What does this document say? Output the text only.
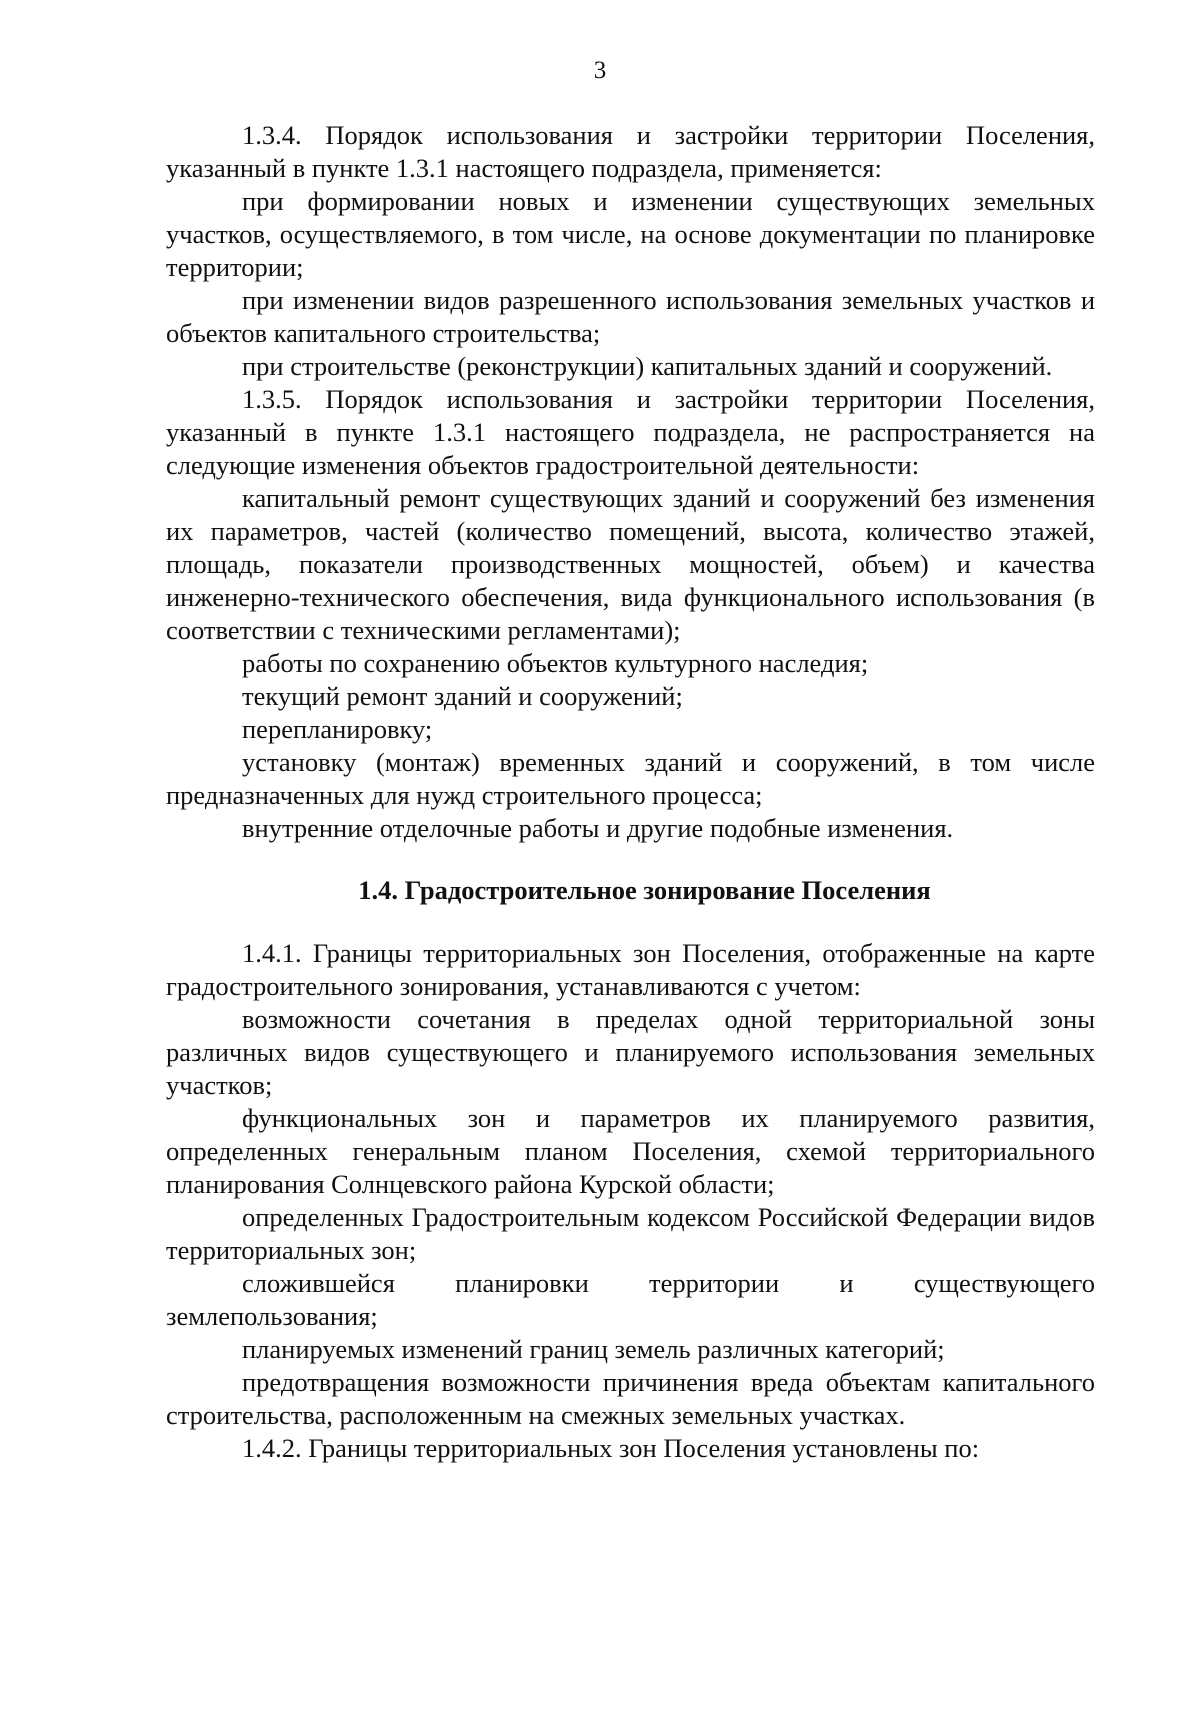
3

1.3.4. Порядок использования и застройки территории Поселения, указанный в пункте 1.3.1 настоящего подраздела, применяется:

при формировании новых и изменении существующих земельных участков, осуществляемого, в том числе, на основе документации по планировке территории;

при изменении видов разрешенного использования земельных участков и объектов капитального строительства;

при строительстве (реконструкции) капитальных зданий и сооружений.

1.3.5. Порядок использования и застройки территории Поселения, указанный в пункте 1.3.1 настоящего подраздела, не распространяется на следующие изменения объектов градостроительной деятельности:

капитальный ремонт существующих зданий и сооружений без изменения их параметров, частей (количество помещений, высота, количество этажей, площадь, показатели производственных мощностей, объем) и качества инженерно-технического обеспечения, вида функционального использования (в соответствии с техническими регламентами);

работы по сохранению объектов культурного наследия;

текущий ремонт зданий и сооружений;

перепланировку;

установку (монтаж) временных зданий и сооружений, в том числе предназначенных для нужд строительного процесса;

внутренние отделочные работы и другие подобные изменения.

1.4. Градостроительное зонирование Поселения

1.4.1. Границы территориальных зон Поселения, отображенные на карте градостроительного зонирования, устанавливаются с учетом:

возможности сочетания в пределах одной территориальной зоны различных видов существующего и планируемого использования земельных участков;

функциональных зон и параметров их планируемого развития, определенных генеральным планом Поселения, схемой территориального планирования Солнцевского района Курской области;

определенных Градостроительным кодексом Российской Федерации видов территориальных зон;

сложившейся планировки территории и существующего землепользования;

планируемых изменений границ земель различных категорий;

предотвращения возможности причинения вреда объектам капитального строительства, расположенным на смежных земельных участках.

1.4.2. Границы территориальных зон Поселения установлены по:
